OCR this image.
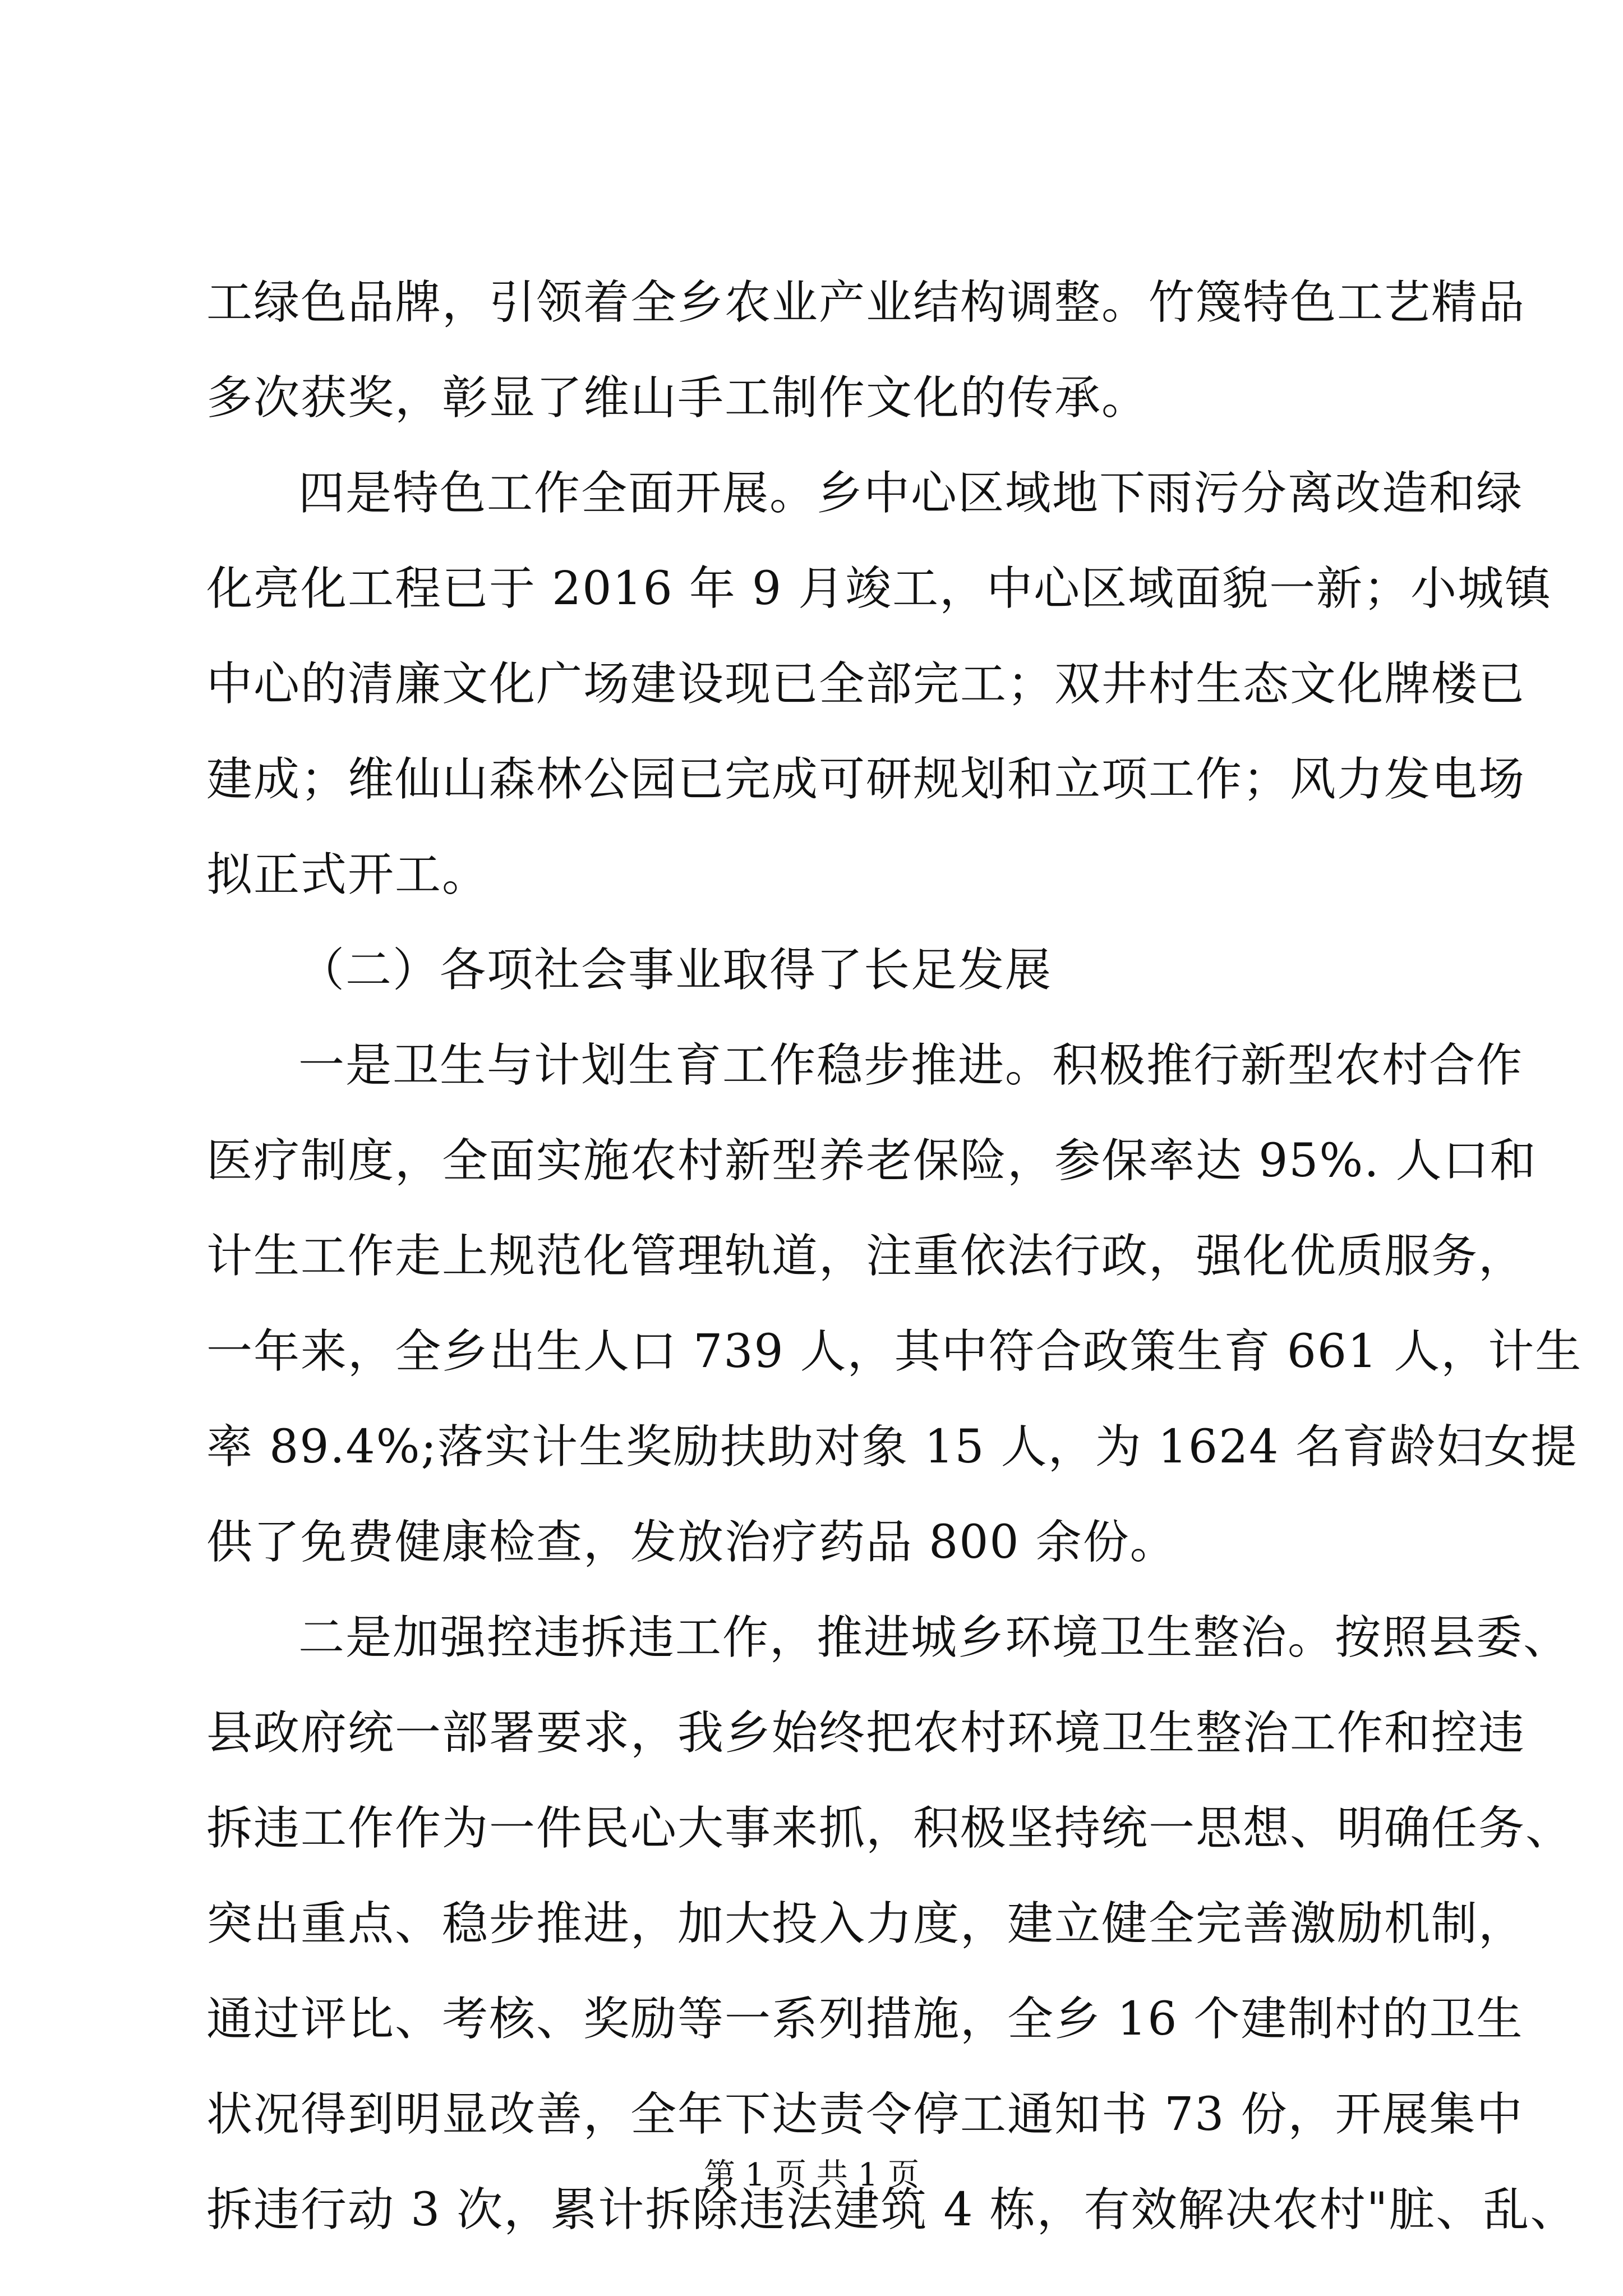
工绿色品牌，引领着全乡农业产业结构调整。竹篾特色工艺精品
多次获奖，彰显了维山手工制作文化的传承。
四是特色工作全面开展。乡中心区域地下雨污分离改造和绿
化亮化工程已于 2016 年 9 月竣工，中心区域面貌一新；小城镇
中心的清廉文化广场建设现已全部完工；双井村生态文化牌楼已
建成；维仙山森林公园已完成可研规划和立项工作；风力发电场
拟正式开工。
（二）各项社会事业取得了长足发展
一是卫生与计划生育工作稳步推进。积极推行新型农村合作
医疗制度，全面实施农村新型养老保险，参保率达 95%. 人口和
计生工作走上规范化管理轨道，注重依法行政，强化优质服务，
一年来，全乡出生人口 739 人，其中符合政策生育 661 人，计生
率 89.4%;落实计生奖励扶助对象 15 人，为 1624 名育龄妇女提
供了免费健康检查，发放治疗药品 800 余份。
二是加强控违拆违工作，推进城乡环境卫生整治。按照县委、
县政府统一部署要求，我乡始终把农村环境卫生整治工作和控违
拆违工作作为一件民心大事来抓，积极坚持统一思想、明确任务、
突出重点、稳步推进，加大投入力度，建立健全完善激励机制，
通过评比、考核、奖励等一系列措施，全乡 16 个建制村的卫生
状况得到明显改善，全年下达责令停工通知书 73 份，开展集中
拆违行动 3 次，累计拆除违法建筑 4 栋，有效解决农村"脏、乱、
第 1 页 共 1 页
